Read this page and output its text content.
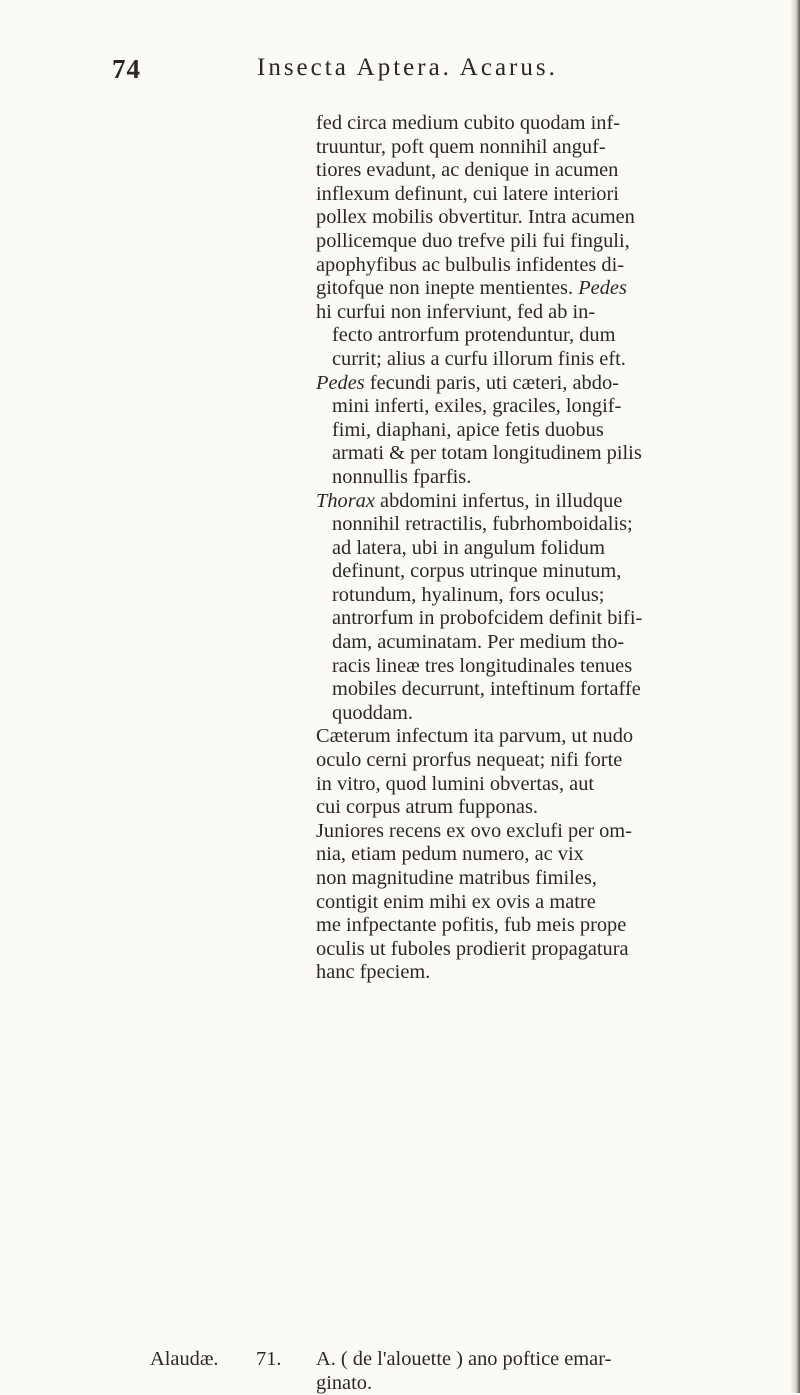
74	Insecta Aptera. Acarus.
fed circa medium cubito quodam inf-
truuntur, poft quem nonnihil anguf-
tiores evadunt, ac denique in acumen
inflexum definunt, cui latere interiori
pollex mobilis obvertitur. Intra acumen
pollicemque duo trefve pili fui finguli,
apophyfibus ac bulbulis infidentes di-
gitofque non inepte mentientes. Pedes
hi curfui non inferviunt, fed ab in-
fecto antrorfum protenduntur, dum
currit; alius a curfu illorum finis eft.
Pedes fecundi paris, uti cæteri, abdo-
mini inferti, exiles, graciles, longif-
fimi, diaphani, apice fetis duobus
armati & per totam longitudinem pilis
nonnullis fparfis.
Thorax abdomini infertus, in illudque
nonnihil retractilis, fubrhomboidalis;
ad latera, ubi in angulum folidum
definunt, corpus utrinque minutum,
rotundum, hyalinum, fors oculus;
antrorfum in probofcidem definit bifi-
dam, acuminatam. Per medium tho-
racis lineæ tres longitudinales tenues
mobiles decurrunt, inteftinum fortaffe
quoddam.
Cæterum infectum ita parvum, ut nudo
oculo cerni prorfus nequeat; nifi forte
in vitro, quod lumini obvertas, aut
cui corpus atrum fupponas.
Juniores recens ex ovo exclufi per om-
nia, etiam pedum numero, ac vix
non magnitudine matribus fimiles,
contigit enim mihi ex ovis a matre
me infpectante pofitis, fub meis prope
oculis ut fuboles prodierit propagatura
hanc fpeciem.
Alaudæ. 71. A. ( de l'alouette ) ano poftice emar-
ginato.
